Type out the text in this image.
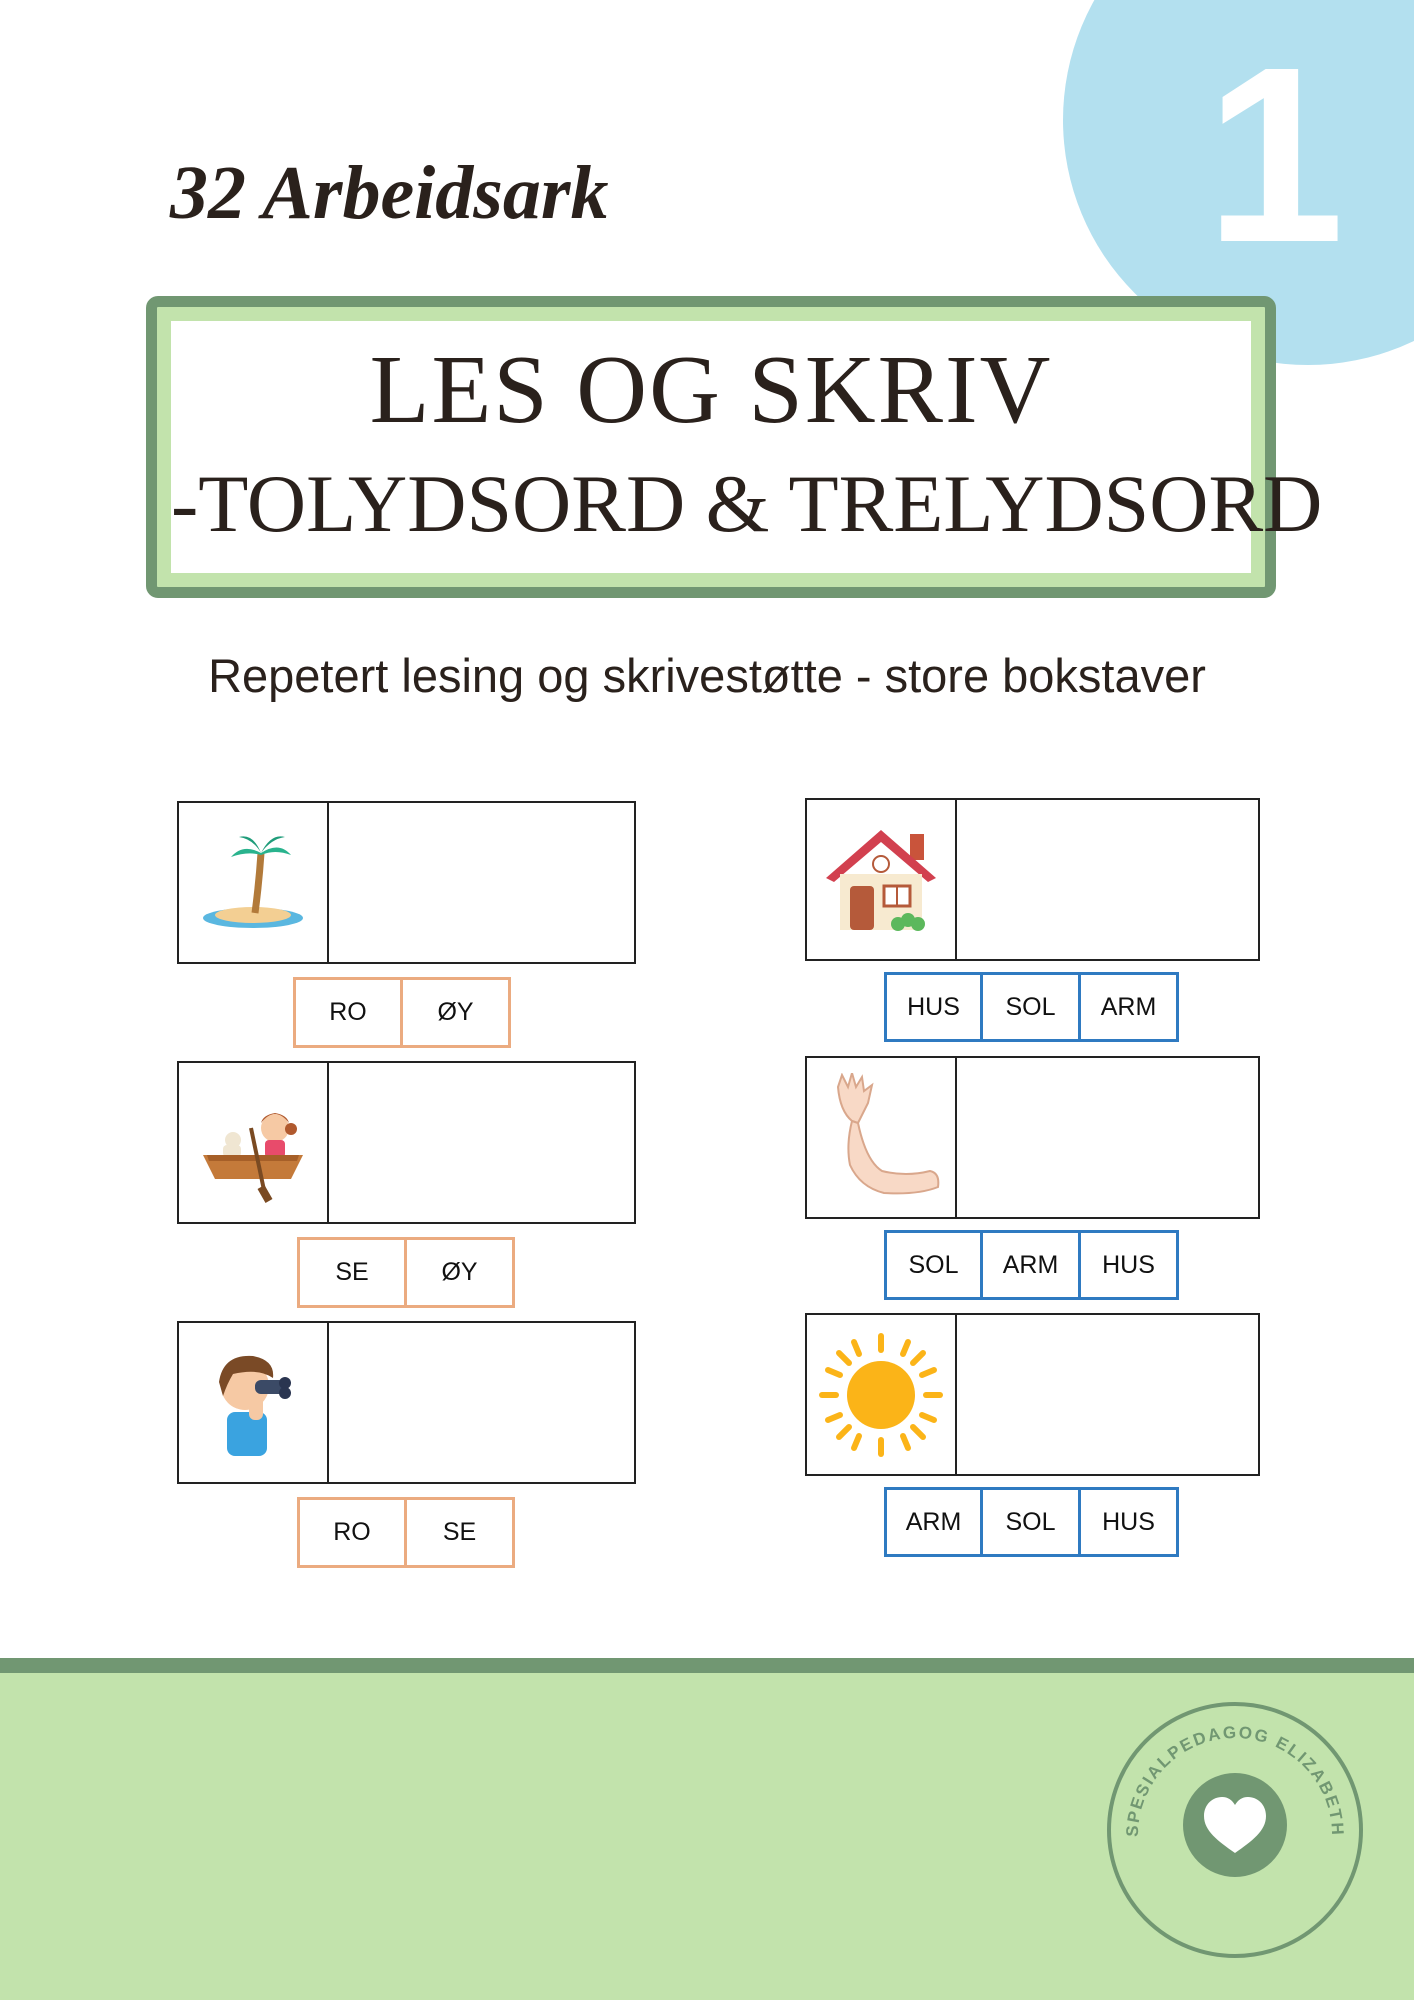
1
32 Arbeidsark
LES OG SKRIV
-TOLYDSORD & TRELYDSORD
Repetert lesing og skrivestøtte - store bokstaver
RO	ØY
SE	ØY
RO	SE
HUS	SOL	ARM
SOL	ARM	HUS
ARM	SOL	HUS
SPESIALPEDAGOG ELIZABETH
